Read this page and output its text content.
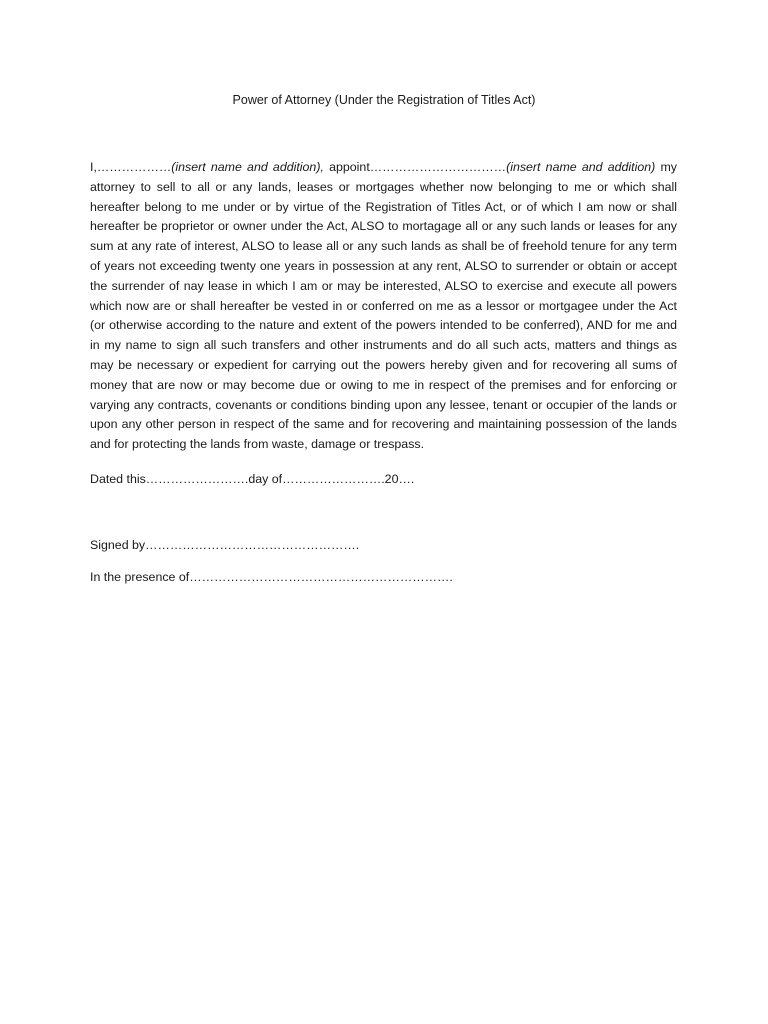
Power of Attorney (Under the Registration of Titles Act)

I,………………(insert name and addition), appoint……………………………(insert name and addition) my attorney to sell to all or any lands, leases or mortgages whether now belonging to me or which shall hereafter belong to me under or by virtue of the Registration of Titles Act, or of which I am now or shall hereafter be proprietor or owner under the Act, ALSO to mortagage all or any such lands or leases for any sum at any rate of interest, ALSO to lease all or any such lands as shall be of freehold tenure for any term of years not exceeding twenty one years in possession at any rent, ALSO to surrender or obtain or accept the surrender of nay lease in which I am or may be interested, ALSO to exercise and execute all powers which now are or shall hereafter be vested in or conferred on me as a lessor or mortgagee under the Act (or otherwise according to the nature and extent of the powers intended to be conferred), AND for me and in my name to sign all such transfers and other instruments and do all such acts, matters and things as may be necessary or expedient for carrying out the powers hereby given and for recovering all sums of money that are now or may become due or owing to me in respect of the premises and for enforcing or varying any contracts, covenants or conditions binding upon any lessee, tenant or occupier of the lands or upon any other person in respect of the same and for recovering and maintaining possession of the lands and for protecting the lands from waste, damage or trespass.

Dated this…………………….day of…………………….20….
Signed by…………………………………………….
In the presence of……………………………………………………….
